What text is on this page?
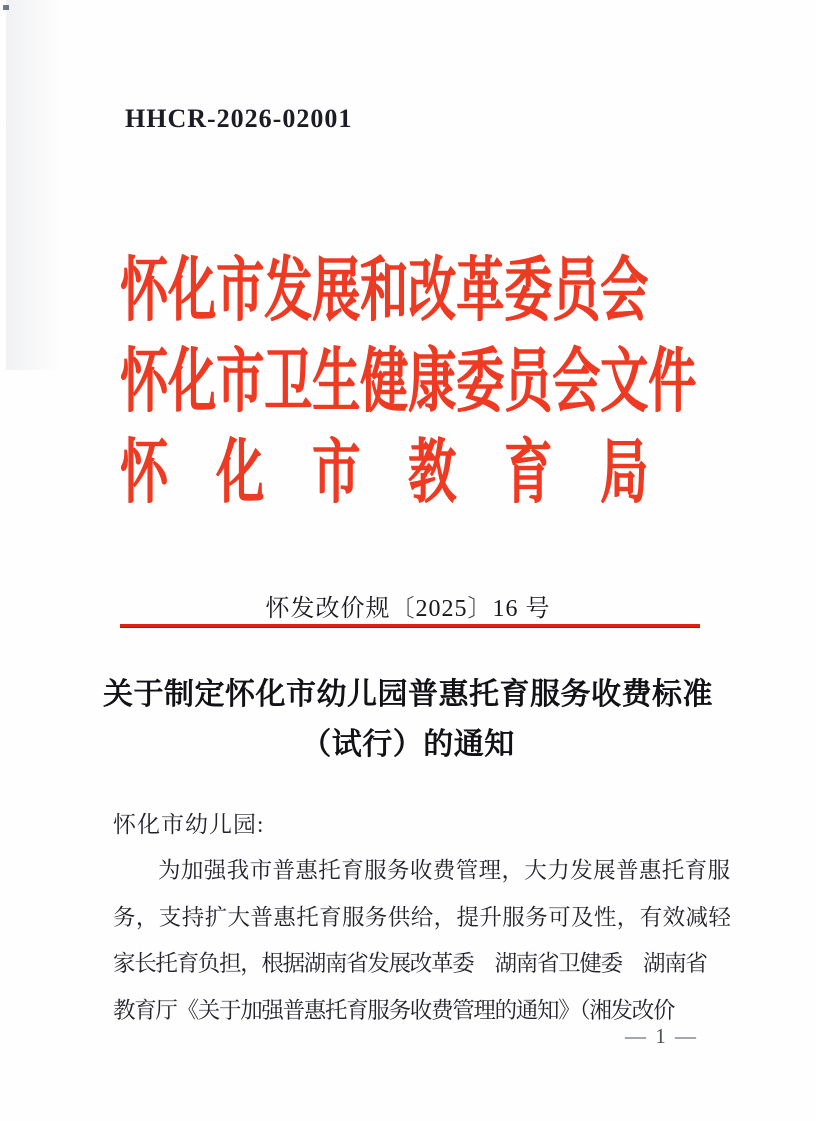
HHCR-2026-02001
怀化市发展和改革委员会
怀化市卫生健康委员会文件
怀　化　市　教　育　局
怀发改价规〔2025〕16 号
关于制定怀化市幼儿园普惠托育服务收费标准
（试行）的通知
怀化市幼儿园:
为加强我市普惠托育服务收费管理，大力发展普惠托育服
务，支持扩大普惠托育服务供给，提升服务可及性，有效减轻
家长托育负担，根据湖南省发展改革委　湖南省卫健委　湖南省
教育厅《关于加强普惠托育服务收费管理的通知》（湘发改价
— 1 —
